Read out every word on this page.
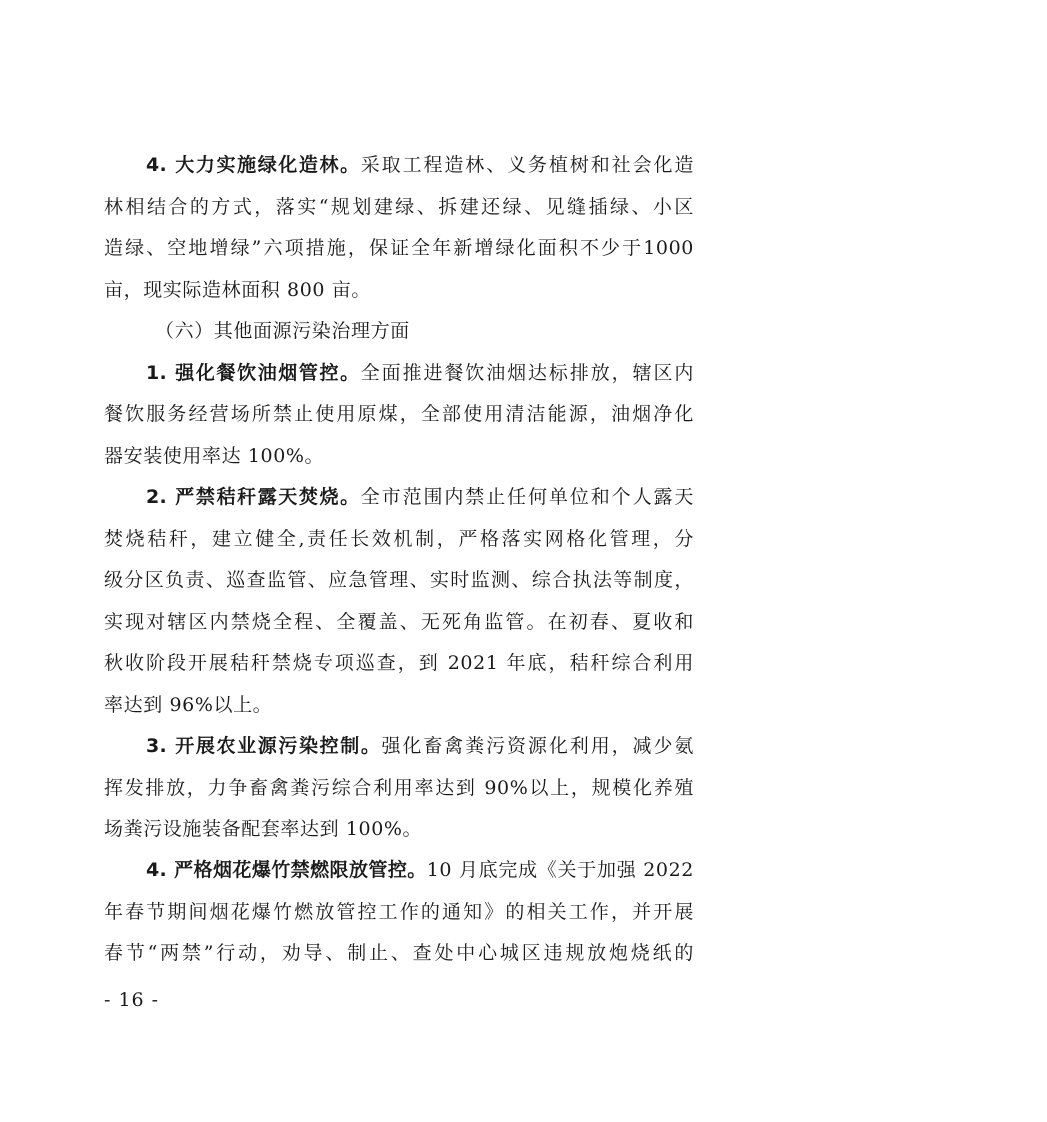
4. 大力实施绿化造林。采取工程造林、义务植树和社会化造
林相结合的方式，落实“规划建绿、拆建还绿、见缝插绿、小区
造绿、空地增绿”六项措施，保证全年新增绿化面积不少于1000
亩，现实际造林面积 800 亩。
（六）其他面源污染治理方面
1. 强化餐饮油烟管控。全面推进餐饮油烟达标排放，辖区内
餐饮服务经营场所禁止使用原煤，全部使用清洁能源，油烟净化
器安装使用率达 100%。
2. 严禁秸秆露天焚烧。全市范围内禁止任何单位和个人露天
焚烧秸秆，建立健全,责任长效机制，严格落实网格化管理，分
级分区负责、巡查监管、应急管理、实时监测、综合执法等制度，
实现对辖区内禁烧全程、全覆盖、无死角监管。在初春、夏收和
秋收阶段开展秸秆禁烧专项巡查，到 2021 年底，秸秆综合利用
率达到 96%以上。
3. 开展农业源污染控制。强化畜禽粪污资源化利用，减少氨
挥发排放，力争畜禽粪污综合利用率达到 90%以上，规模化养殖
场粪污设施装备配套率达到 100%。
4. 严格烟花爆竹禁燃限放管控。10 月底完成《关于加强 2022
年春节期间烟花爆竹燃放管控工作的通知》的相关工作，并开展
春节“两禁”行动，劝导、制止、查处中心城区违规放炮烧纸的
- 16 -
